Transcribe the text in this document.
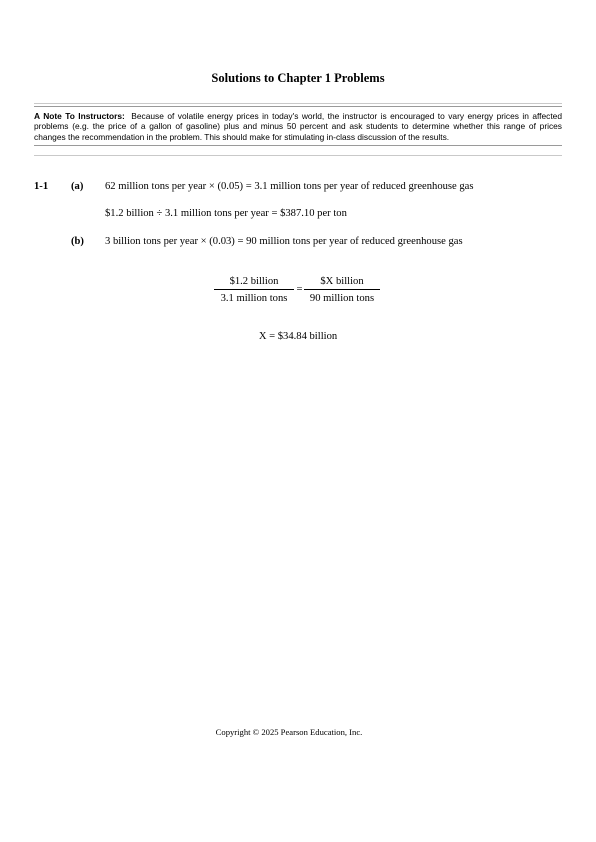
Solutions to Chapter 1 Problems
A Note To Instructors: Because of volatile energy prices in today's world, the instructor is encouraged to vary energy prices in affected problems (e.g. the price of a gallon of gasoline) plus and minus 50 percent and ask students to determine whether this range of prices changes the recommendation in the problem. This should make for stimulating in-class discussion of the results.
1-1 (a) 62 million tons per year × (0.05) = 3.1 million tons per year of reduced greenhouse gas
$1.2 billion ÷ 3.1 million tons per year = $387.10 per ton
(b) 3 billion tons per year × (0.03) = 90 million tons per year of reduced greenhouse gas
$1.2 billion
3.1 million tons
=
$X billion
90 million tons
X = $34.84 billion
Copyright © 2025 Pearson Education, Inc.
